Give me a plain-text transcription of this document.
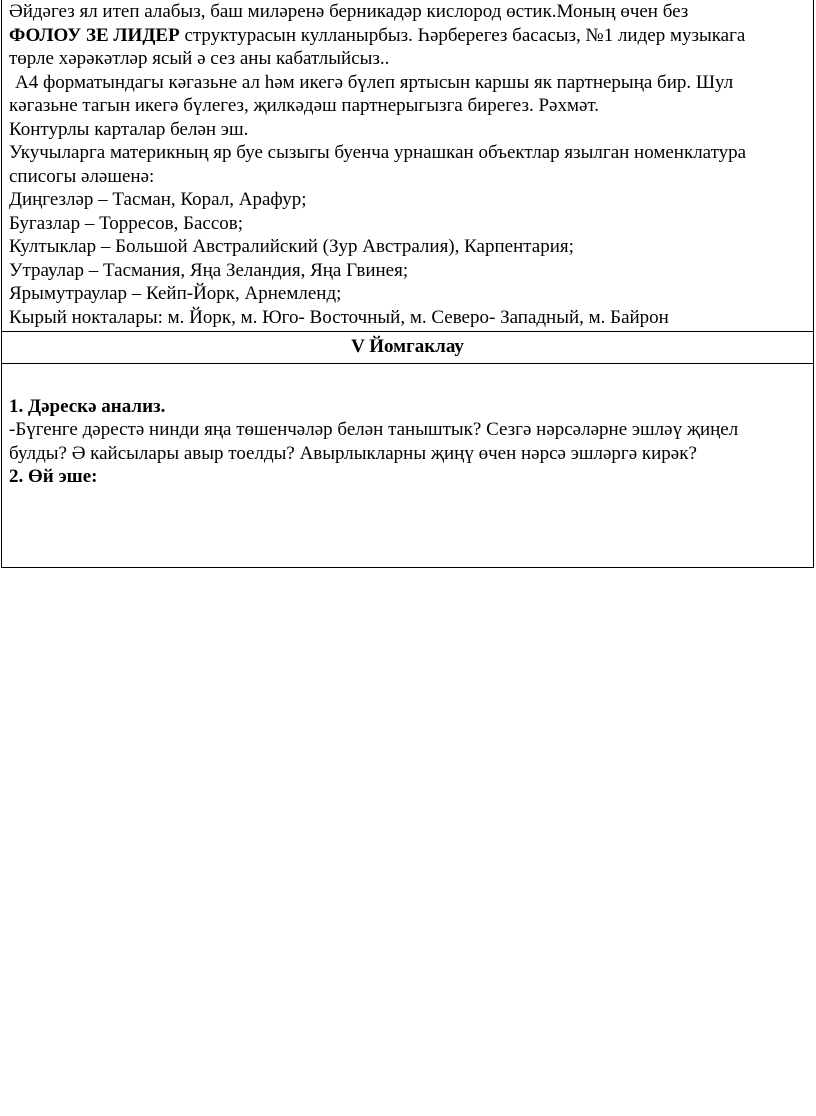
Әйдәгез ял итеп алабыз, баш миләренә берникадәр кислород өстик.Моның өчен без
ФОЛОУ ЗЕ ЛИДЕР структурасын кулланырбыз. Һәрберегез басасыз, №1 лидер музыкага
төрле хәрәкәтләр ясый ә сез аны кабатлыйсыз..
А4 форматындагы кәгазьне ал һәм икегә бүлеп яртысын каршы як партнерыңа бир. Шул
кәгазьне тагын икегә бүлегез, җилкәдәш партнерыгызга бирегез. Рәхмәт.
Контурлы карталар белән эш.
Укучыларга материкның яр буе сызыгы буенча урнашкан объектлар язылган номенклатура
списогы әләшенә:
Диңгезләр – Тасман, Корал, Арафур;
Бугазлар – Торресов, Бассов;
Култыклар – Большой Австралийский (Зур Австралия), Карпентария;
Утраулар – Тасмания, Яңа Зеландия, Яңа Гвинея;
Ярымутраулар – Кейп-Йорк, Арнемленд;
Кырый нокталары: м. Йорк, м. Юго- Восточный, м. Северо- Западный, м. Байрон
V Йомгаклау
1. Дәрескә анализ.
-Бүгенге дәрестә нинди яңа төшенчәләр белән таныштык? Сезгә нәрсәләрне эшләү җиңел
булды? Ә кайсылары авыр тоелды? Авырлыкларны җиңү өчен нәрсә эшләргә кирәк?
2. Өй эше:
